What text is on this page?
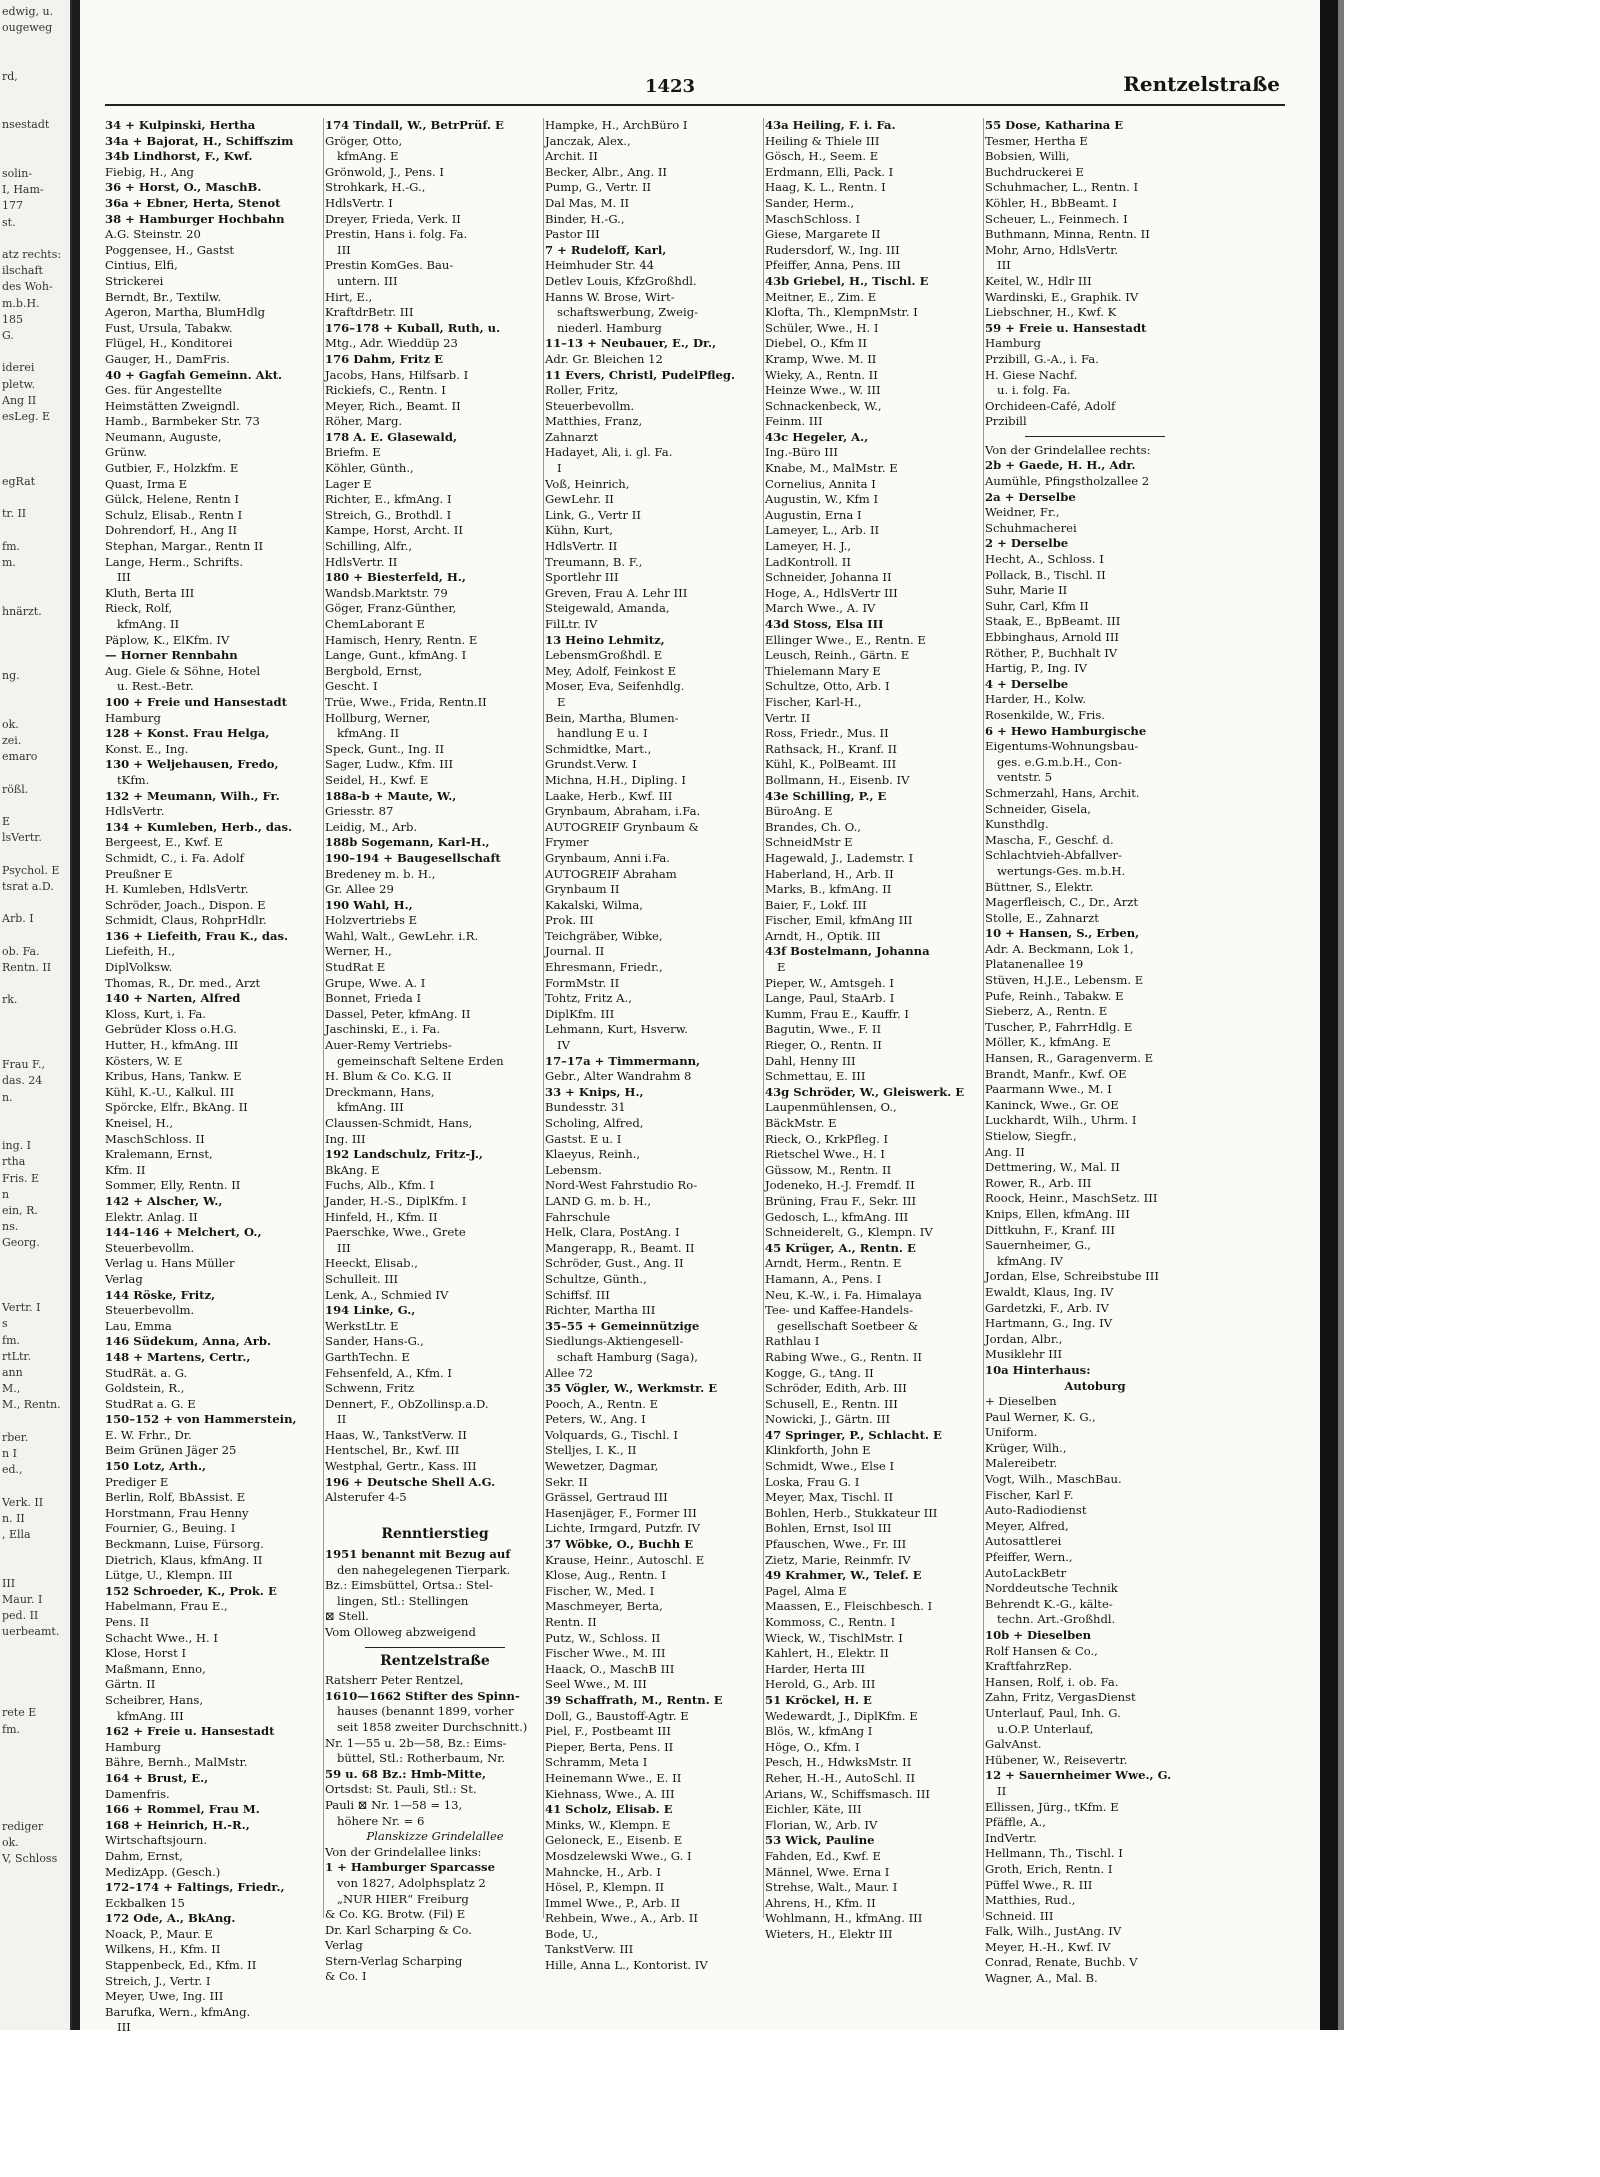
edwig, u.
ougeweg

rd,

nsestadt

solin-
I, Ham-
177
st.

atz rechts:
ilschaft
des Woh-
m.b.H.
185
G.

iderei
pletw.
Ang II
esLeg. E

egRat

tr. II

fm.
m.

hnärzt.

ng.

ok.
zei.
emaro

rößl.

E
lsVertr.

Psychol. E
tsrat a.D.

Arb. I

ob. Fa.
Rentn. II

rk.

Frau F.,
das. 24
n.

ing. I
rtha
Fris. E
n
ein, R.
ns.
Georg.

Vertr. I
s
fm.
rtLtr.
ann
M.,
M., Rentn.

rber.
n I
ed.,

Verk. II
n. II
, Ella

III
Maur. I
ped. II
uerbeamt.

rete E
fm.

rediger
ok.
V, Schloss
1423	Rentzelstraße
34 + Kulpinski, Hertha
34a + Bajorat, H., Schiffszim
34b Lindhorst, F., Kwf.
Fiebig, H., Ang
36 + Horst, O., MaschB.
36a + Ebner, Herta, Stenot
38 + Hamburger Hochbahn
A.G. Steinstr. 20
Poggensee, H., Gastst
Cintius, Elfi,
Strickerei
Berndt, Br., Textilw.
Ageron, Martha, BlumHdlg
Fust, Ursula, Tabakw.
Flügel, H., Konditorei
Gauger, H., DamFris.
40 + Gagfah Gemeinn. Akt.
Ges. für Angestellte
Heimstätten Zweigndl.
Hamb., Barmbeker Str. 73
Neumann, Auguste,
Grünw.
Gutbier, F., Holzkfm. E
Quast, Irma E
Gülck, Helene, Rentn I
Schulz, Elisab., Rentn I
Dohrendorf, H., Ang II
Stephan, Margar., Rentn II
Lange, Herm., Schrifts.
III
Kluth, Berta III
Rieck, Rolf,
kfmAng. II
Päplow, K., ElKfm. IV
— Horner Rennbahn
Aug. Giele & Söhne, Hotel
u. Rest.-Betr.
100 + Freie und Hansestadt
Hamburg
128 + Konst. Frau Helga,
Konst. E., Ing.
130 + Weljehausen, Fredo,
tKfm.
132 + Meumann, Wilh., Fr.
HdlsVertr.
134 + Kumleben, Herb., das.
Bergeest, E., Kwf. E
Schmidt, C., i. Fa. Adolf
Preußner E
H. Kumleben, HdlsVertr.
Schröder, Joach., Dispon. E
Schmidt, Claus, RohprHdlr.
136 + Liefeith, Frau K., das.
Liefeith, H.,
DiplVolksw.
Thomas, R., Dr. med., Arzt
140 + Narten, Alfred
Kloss, Kurt, i. Fa.
Gebrüder Kloss o.H.G.
Hutter, H., kfmAng. III
Kösters, W. E
Kribus, Hans, Tankw. E
Kühl, K.-U., Kalkul. III
Spörcke, Elfr., BkAng. II
Kneisel, H.,
MaschSchloss. II
Kralemann, Ernst,
Kfm. II
Sommer, Elly, Rentn. II
142 + Alscher, W.,
Elektr. Anlag. II
144–146 + Melchert, O.,
Steuerbevollm.
Verlag u. Hans Müller
Verlag
144 Röske, Fritz,
Steuerbevollm.
Lau, Emma
146 Südekum, Anna, Arb.
148 + Martens, Certr.,
StudRät. a. G.
Goldstein, R.,
StudRat a. G. E
150–152 + von Hammerstein,
E. W. Frhr., Dr.
Beim Grünen Jäger 25
150 Lotz, Arth.,
Prediger E
Berlin, Rolf, BbAssist. E
Horstmann, Frau Henny
Fournier, G., Beuing. I
Beckmann, Luise, Fürsorg.
Dietrich, Klaus, kfmAng. II
Lütge, U., Klempn. III
152 Schroeder, K., Prok. E
Habelmann, Frau E.,
Pens. II
Schacht Wwe., H. I
Klose, Horst I
Maßmann, Enno,
Gärtn. II
Scheibrer, Hans,
kfmAng. III
162 + Freie u. Hansestadt
Hamburg
Bähre, Bernh., MalMstr.
164 + Brust, E.,
Damenfris.
166 + Rommel, Frau M.
168 + Heinrich, H.-R.,
Wirtschaftsjourn.
Dahm, Ernst,
MedizApp. (Gesch.)
172–174 + Faltings, Friedr.,
Eckbalken 15
172 Ode, A., BkAng.
Noack, P., Maur. E
Wilkens, H., Kfm. II
Stappenbeck, Ed., Kfm. II
Streich, J., Vertr. I
Meyer, Uwe, Ing. III
Barufka, Wern., kfmAng.
III
174 Tindall, W., BetrPrüf. E
Gröger, Otto,
kfmAng. E
Grönwold, J., Pens. I
Strohkark, H.-G.,
HdlsVertr. I
Dreyer, Frieda, Verk. II
Prestin, Hans i. folg. Fa.
III
Prestin KomGes. Bau-
untern. III
Hirt, E.,
KraftdrBetr. III
176–178 + Kuball, Ruth, u.
Mtg., Adr. Wieddüp 23
176 Dahm, Fritz E
Jacobs, Hans, Hilfsarb. I
Rickiefs, C., Rentn. I
Meyer, Rich., Beamt. II
Röher, Marg.
178 A. E. Glasewald,
Briefm. E
Köhler, Günth.,
Lager E
Richter, E., kfmAng. I
Streich, G., Brothdl. I
Kampe, Horst, Archt. II
Schilling, Alfr.,
HdlsVertr. II
180 + Biesterfeld, H.,
Wandsb.Marktstr. 79
Göger, Franz-Günther,
ChemLaborant E
Hamisch, Henry, Rentn. E
Lange, Gunt., kfmAng. I
Bergbold, Ernst,
Gescht. I
Trüe, Wwe., Frida, Rentn.II
Hollburg, Werner,
kfmAng. II
Speck, Gunt., Ing. II
Sager, Ludw., Kfm. III
Seidel, H., Kwf. E
188a-b + Maute, W.,
Griesstr. 87
Leidig, M., Arb.
188b Sogemann, Karl-H.,
190–194 + Baugesellschaft
Bredeney m. b. H.,
Gr. Allee 29
190 Wahl, H.,
Holzvertriebs E
Wahl, Walt., GewLehr. i.R.
Werner, H.,
StudRat E
Grupe, Wwe. A. I
Bonnet, Frieda I
Dassel, Peter, kfmAng. II
Jaschinski, E., i. Fa.
Auer-Remy Vertriebs-
gemeinschaft Seltene Erden
H. Blum & Co. K.G. II
Dreckmann, Hans,
kfmAng. III
Claussen-Schmidt, Hans,
Ing. III
192 Landschulz, Fritz-J.,
BkAng. E
Fuchs, Alb., Kfm. I
Jander, H.-S., DiplKfm. I
Hinfeld, H., Kfm. II
Paerschke, Wwe., Grete
III
Heeckt, Elisab.,
Schulleit. III
Lenk, A., Schmied IV
194 Linke, G.,
WerkstLtr. E
Sander, Hans-G.,
GarthTechn. E
Fehsenfeld, A., Kfm. I
Schwenn, Fritz
Dennert, F., ObZollinsp.a.D.
II
Haas, W., TankstVerw. II
Hentschel, Br., Kwf. III
Westphal, Gertr., Kass. III
196 + Deutsche Shell A.G.
Alsterufer 4-5

Renntierstieg
1951 benannt mit Bezug auf
den nahegelegenen Tierpark.
Bz.: Eimsbüttel, Ortsa.: Stel-
lingen, Stl.: Stellingen
⊠ Stell.
Vom Olloweg abzweigend
Rentzelstraße
Ratsherr Peter Rentzel,
1610—1662 Stifter des Spinn-
hauses (benannt 1899, vorher
seit 1858 zweiter Durchschnitt.)
Nr. 1—55 u. 2b—58, Bz.: Eims-
büttel, Stl.: Rotherbaum, Nr.
59 u. 68 Bz.: Hmb-Mitte,
Ortsdst: St. Pauli, Stl.: St.
Pauli ⊠ Nr. 1—58 = 13,
höhere Nr. = 6
Planskizze Grindelallee
Von der Grindelallee links:
1 + Hamburger Sparcasse
von 1827, Adolphsplatz 2
„NUR HIER“ Freiburg
& Co. KG. Brotw. (Fil) E
Dr. Karl Scharping & Co.
Verlag
Stern-Verlag Scharping
& Co. I
Hampke, H., ArchBüro I
Janczak, Alex.,
Archit. II
Becker, Albr., Ang. II
Pump, G., Vertr. II
Dal Mas, M. II
Binder, H.-G.,
Pastor III
7 + Rudeloff, Karl,
Heimhuder Str. 44
Detlev Louis, KfzGroßhdl.
Hanns W. Brose, Wirt-
schaftswerbung, Zweig-
niederl. Hamburg
11–13 + Neubauer, E., Dr.,
Adr. Gr. Bleichen 12
11 Evers, Christl, PudelPfleg.
Roller, Fritz,
Steuerbevollm.
Matthies, Franz,
Zahnarzt
Hadayet, Ali, i. gl. Fa.
I
Voß, Heinrich,
GewLehr. II
Link, G., Vertr II
Kühn, Kurt,
HdlsVertr. II
Treumann, B. F.,
Sportlehr III
Greven, Frau A. Lehr III
Steigewald, Amanda,
FilLtr. IV
13 Heino Lehmitz,
LebensmGroßhdl. E
Mey, Adolf, Feinkost E
Moser, Eva, Seifenhdlg.
E
Bein, Martha, Blumen-
handlung E u. I
Schmidtke, Mart.,
Grundst.Verw. I
Michna, H.H., Dipling. I
Laake, Herb., Kwf. III
Grynbaum, Abraham, i.Fa.
AUTOGREIF Grynbaum &
Frymer
Grynbaum, Anni i.Fa.
AUTOGREIF Abraham
Grynbaum II
Kakalski, Wilma,
Prok. III
Teichgräber, Wibke,
Journal. II
Ehresmann, Friedr.,
FormMstr. II
Tohtz, Fritz A.,
DiplKfm. III
Lehmann, Kurt, Hsverw.
IV
17–17a + Timmermann,
Gebr., Alter Wandrahm 8
33 + Knips, H.,
Bundesstr. 31
Scholing, Alfred,
Gastst. E u. I
Klaeyus, Reinh.,
Lebensm.
Nord-West Fahrstudio Ro-
LAND G. m. b. H.,
Fahrschule
Helk, Clara, PostAng. I
Mangerapp, R., Beamt. II
Schröder, Gust., Ang. II
Schultze, Günth.,
Schiffsf. III
Richter, Martha III
35–55 + Gemeinnützige
Siedlungs-Aktiengesell-
schaft Hamburg (Saga),
Allee 72
35 Vögler, W., Werkmstr. E
Pooch, A., Rentn. E
Peters, W., Ang. I
Volquards, G., Tischl. I
Stelljes, I. K., II
Wewetzer, Dagmar,
Sekr. II
Grässel, Gertraud III
Hasenjäger, F., Former III
Lichte, Irmgard, Putzfr. IV
37 Wöbke, O., Buchh E
Krause, Heinr., Autoschl. E
Klose, Aug., Rentn. I
Fischer, W., Med. I
Maschmeyer, Berta,
Rentn. II
Putz, W., Schloss. II
Fischer Wwe., M. III
Haack, O., MaschB III
Seel Wwe., M. III
39 Schaffrath, M., Rentn. E
Doll, G., Baustoff-Agtr. E
Piel, F., Postbeamt III
Pieper, Berta, Pens. II
Schramm, Meta I
Heinemann Wwe., E. II
Kiehnass, Wwe., A. III
41 Scholz, Elisab. E
Minks, W., Klempn. E
Geloneck, E., Eisenb. E
Mosdzelewski Wwe., G. I
Mahncke, H., Arb. I
Hösel, P., Klempn. II
Immel Wwe., P., Arb. II
Rehbein, Wwe., A., Arb. II
Bode, U.,
TankstVerw. III
Hille, Anna L., Kontorist. IV
43a Heiling, F. i. Fa.
Heiling & Thiele III
Gösch, H., Seem. E
Erdmann, Elli, Pack. I
Haag, K. L., Rentn. I
Sander, Herm.,
MaschSchloss. I
Giese, Margarete II
Rudersdorf, W., Ing. III
Pfeiffer, Anna, Pens. III
43b Griebel, H., Tischl. E
Meitner, E., Zim. E
Klofta, Th., KlempnMstr. I
Schüler, Wwe., H. I
Diebel, O., Kfm II
Kramp, Wwe. M. II
Wieky, A., Rentn. II
Heinze Wwe., W. III
Schnackenbeck, W.,
Feinm. III
43c Hegeler, A.,
Ing.-Büro III
Knabe, M., MalMstr. E
Cornelius, Annita I
Augustin, W., Kfm I
Augustin, Erna I
Lameyer, L., Arb. II
Lameyer, H. J.,
LadKontroll. II
Schneider, Johanna II
Hoge, A., HdlsVertr III
March Wwe., A. IV
43d Stoss, Elsa III
Ellinger Wwe., E., Rentn. E
Leusch, Reinh., Gärtn. E
Thielemann Mary E
Schultze, Otto, Arb. I
Fischer, Karl-H.,
Vertr. II
Ross, Friedr., Mus. II
Rathsack, H., Kranf. II
Kühl, K., PolBeamt. III
Bollmann, H., Eisenb. IV
43e Schilling, P., E
BüroAng. E
Brandes, Ch. O.,
SchneidMstr E
Hagewald, J., Lademstr. I
Haberland, H., Arb. II
Marks, B., kfmAng. II
Baier, F., Lokf. III
Fischer, Emil, kfmAng III
Arndt, H., Optik. III
43f Bostelmann, Johanna
E
Pieper, W., Amtsgeh. I
Lange, Paul, StaArb. I
Kumm, Frau E., Kauffr. I
Bagutin, Wwe., F. II
Rieger, O., Rentn. II
Dahl, Henny III
Schmettau, E. III
43g Schröder, W., Gleiswerk. E
Laupenmühlensen, O.,
BäckMstr. E
Rieck, O., KrkPfleg. I
Rietschel Wwe., H. I
Güssow, M., Rentn. II
Jodeneko, H.-J. Fremdf. II
Brüning, Frau F., Sekr. III
Gedosch, L., kfmAng. III
Schneiderelt, G., Klempn. IV
45 Krüger, A., Rentn. E
Arndt, Herm., Rentn. E
Hamann, A., Pens. I
Neu, K.-W., i. Fa. Himalaya
Tee- und Kaffee-Handels-
gesellschaft Soetbeer &
Rathlau I
Rabing Wwe., G., Rentn. II
Kogge, G., tAng. II
Schröder, Edith, Arb. III
Schusell, E., Rentn. III
Nowicki, J., Gärtn. III
47 Springer, P., Schlacht. E
Klinkforth, John E
Schmidt, Wwe., Else I
Loska, Frau G. I
Meyer, Max, Tischl. II
Bohlen, Herb., Stukkateur III
Bohlen, Ernst, Isol III
Pfauschen, Wwe., Fr. III
Zietz, Marie, Reinmfr. IV
49 Krahmer, W., Telef. E
Pagel, Alma E
Maassen, E., Fleischbesch. I
Kommoss, C., Rentn. I
Wieck, W., TischlMstr. I
Kahlert, H., Elektr. II
Harder, Herta III
Herold, G., Arb. III
51 Kröckel, H. E
Wedewardt, J., DiplKfm. E
Blös, W., kfmAng I
Höge, O., Kfm. I
Pesch, H., HdwksMstr. II
Reher, H.-H., AutoSchl. II
Arians, W., Schiffsmasch. III
Eichler, Käte, III
Florian, W., Arb. IV
53 Wick, Pauline
Fahden, Ed., Kwf. E
Männel, Wwe. Erna I
Strehse, Walt., Maur. I
Ahrens, H., Kfm. II
Wohlmann, H., kfmAng. III
Wieters, H., Elektr III
55 Dose, Katharina E
Tesmer, Hertha E
Bobsien, Willi,
Buchdruckerei E
Schuhmacher, L., Rentn. I
Köhler, H., BbBeamt. I
Scheuer, L., Feinmech. I
Buthmann, Minna, Rentn. II
Mohr, Arno, HdlsVertr.
III
Keitel, W., Hdlr III
Wardinski, E., Graphik. IV
Liebschner, H., Kwf. K
59 + Freie u. Hansestadt
Hamburg
Przibill, G.-A., i. Fa.
H. Giese Nachf.
u. i. folg. Fa.
Orchideen-Café, Adolf
Przibill
Von der Grindelallee rechts:
2b + Gaede, H. H., Adr.
Aumühle, Pfingstholzallee 2
2a + Derselbe
Weidner, Fr.,
Schuhmacherei
2 + Derselbe
Hecht, A., Schloss. I
Pollack, B., Tischl. II
Suhr, Marie II
Suhr, Carl, Kfm II
Staak, E., BpBeamt. III
Ebbinghaus, Arnold III
Röther, P., Buchhalt IV
Hartig, P., Ing. IV
4 + Derselbe
Harder, H., Kolw.
Rosenkilde, W., Fris.
6 + Hewo Hamburgische
Eigentums-Wohnungsbau-
ges. e.G.m.b.H., Con-
ventstr. 5
Schmerzahl, Hans, Archit.
Schneider, Gisela,
Kunsthdlg.
Mascha, F., Geschf. d.
Schlachtvieh-Abfallver-
wertungs-Ges. m.b.H.
Büttner, S., Elektr.
Magerfleisch, C., Dr., Arzt
Stolle, E., Zahnarzt
10 + Hansen, S., Erben,
Adr. A. Beckmann, Lok 1,
Platanenallee 19
Stüven, H.J.E., Lebensm. E
Pufe, Reinh., Tabakw. E
Sieberz, A., Rentn. E
Tuscher, P., FahrrHdlg. E
Möller, K., kfmAng. E
Hansen, R., Garagenverm. E
Brandt, Manfr., Kwf. OE
Paarmann Wwe., M. I
Kaninck, Wwe., Gr. OE
Luckhardt, Wilh., Uhrm. I
Stielow, Siegfr.,
Ang. II
Dettmering, W., Mal. II
Rower, R., Arb. III
Roock, Heinr., MaschSetz. III
Knips, Ellen, kfmAng. III
Dittkuhn, F., Kranf. III
Sauernheimer, G.,
kfmAng. IV
Jordan, Else, Schreibstube III
Ewaldt, Klaus, Ing. IV
Gardetzki, F., Arb. IV
Hartmann, G., Ing. IV
Jordan, Albr.,
Musiklehr III
10a Hinterhaus:
Autoburg
+ Dieselben
Paul Werner, K. G.,
Uniform.
Krüger, Wilh.,
Malereibetr.
Vogt, Wilh., MaschBau.
Fischer, Karl F.
Auto-Radiodienst
Meyer, Alfred,
Autosattlerei
Pfeiffer, Wern.,
AutoLackBetr
Norddeutsche Technik
Behrendt K.-G., kälte-
techn. Art.-Großhdl.
10b + Dieselben
Rolf Hansen & Co.,
KraftfahrzRep.
Hansen, Rolf, i. ob. Fa.
Zahn, Fritz, VergasDienst
Unterlauf, Paul, Inh. G.
u.O.P. Unterlauf,
GalvAnst.
Hübener, W., Reisevertr.
12 + Sauernheimer Wwe., G.
II
Ellissen, Jürg., tKfm. E
Pfäffle, A.,
IndVertr.
Hellmann, Th., Tischl. I
Groth, Erich, Rentn. I
Püffel Wwe., R. III
Matthies, Rud.,
Schneid. III
Falk, Wilh., JustAng. IV
Meyer, H.-H., Kwf. IV
Conrad, Renate, Buchb. V
Wagner, A., Mal. B.
